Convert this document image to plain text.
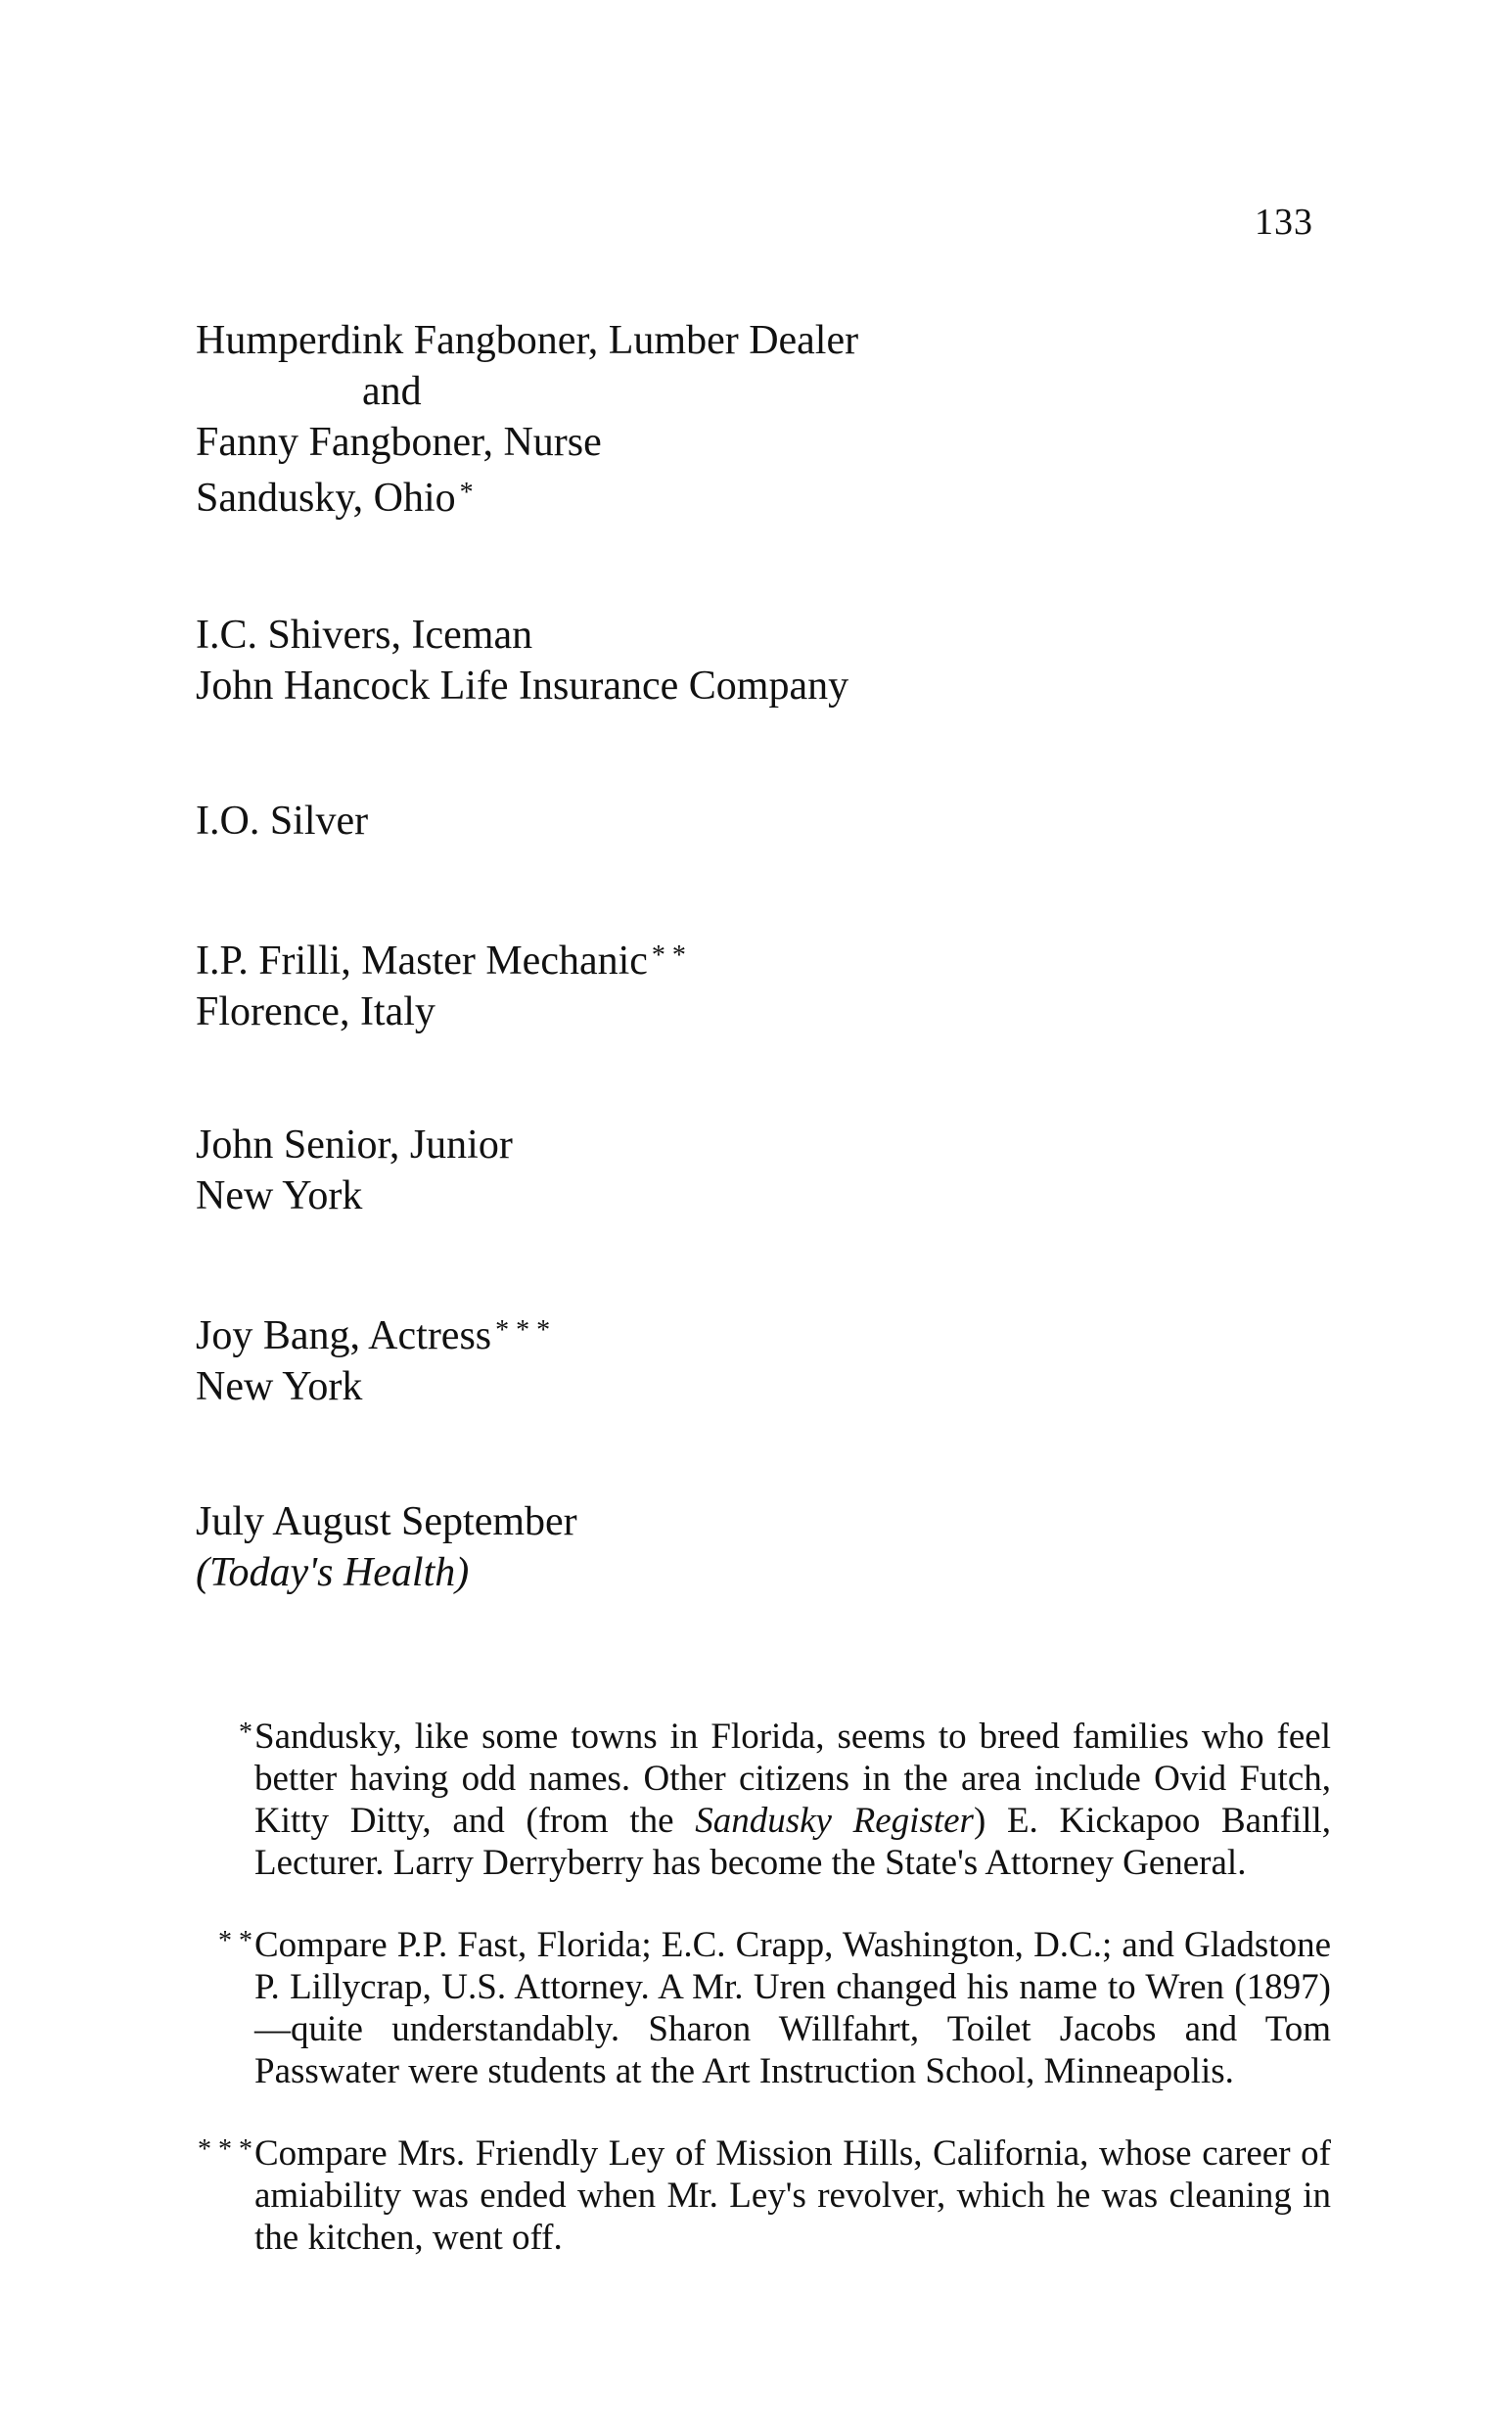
133
Humperdink Fangboner, Lumber Dealer
and
Fanny Fangboner, Nurse
Sandusky, Ohio *
I.C. Shivers, Iceman
John Hancock Life Insurance Company
I.O. Silver
I.P. Frilli, Master Mechanic * *
Florence, Italy
John Senior, Junior
New York
Joy Bang, Actress * * *
New York
July August September
(Today's Health)
* Sandusky, like some towns in Florida, seems to breed families who feel better having odd names. Other citizens in the area include Ovid Futch, Kitty Ditty, and (from the Sandusky Register) E. Kickapoo Banfill, Lecturer. Larry Derryberry has become the State's Attorney General.
* * Compare P.P. Fast, Florida; E.C. Crapp, Washington, D.C.; and Gladstone P. Lillycrap, U.S. Attorney. A Mr. Uren changed his name to Wren (1897)—quite understandably. Sharon Willfahrt, Toilet Jacobs and Tom Passwater were students at the Art Instruction School, Minneapolis.
* * * Compare Mrs. Friendly Ley of Mission Hills, California, whose career of amiability was ended when Mr. Ley's revolver, which he was cleaning in the kitchen, went off.
